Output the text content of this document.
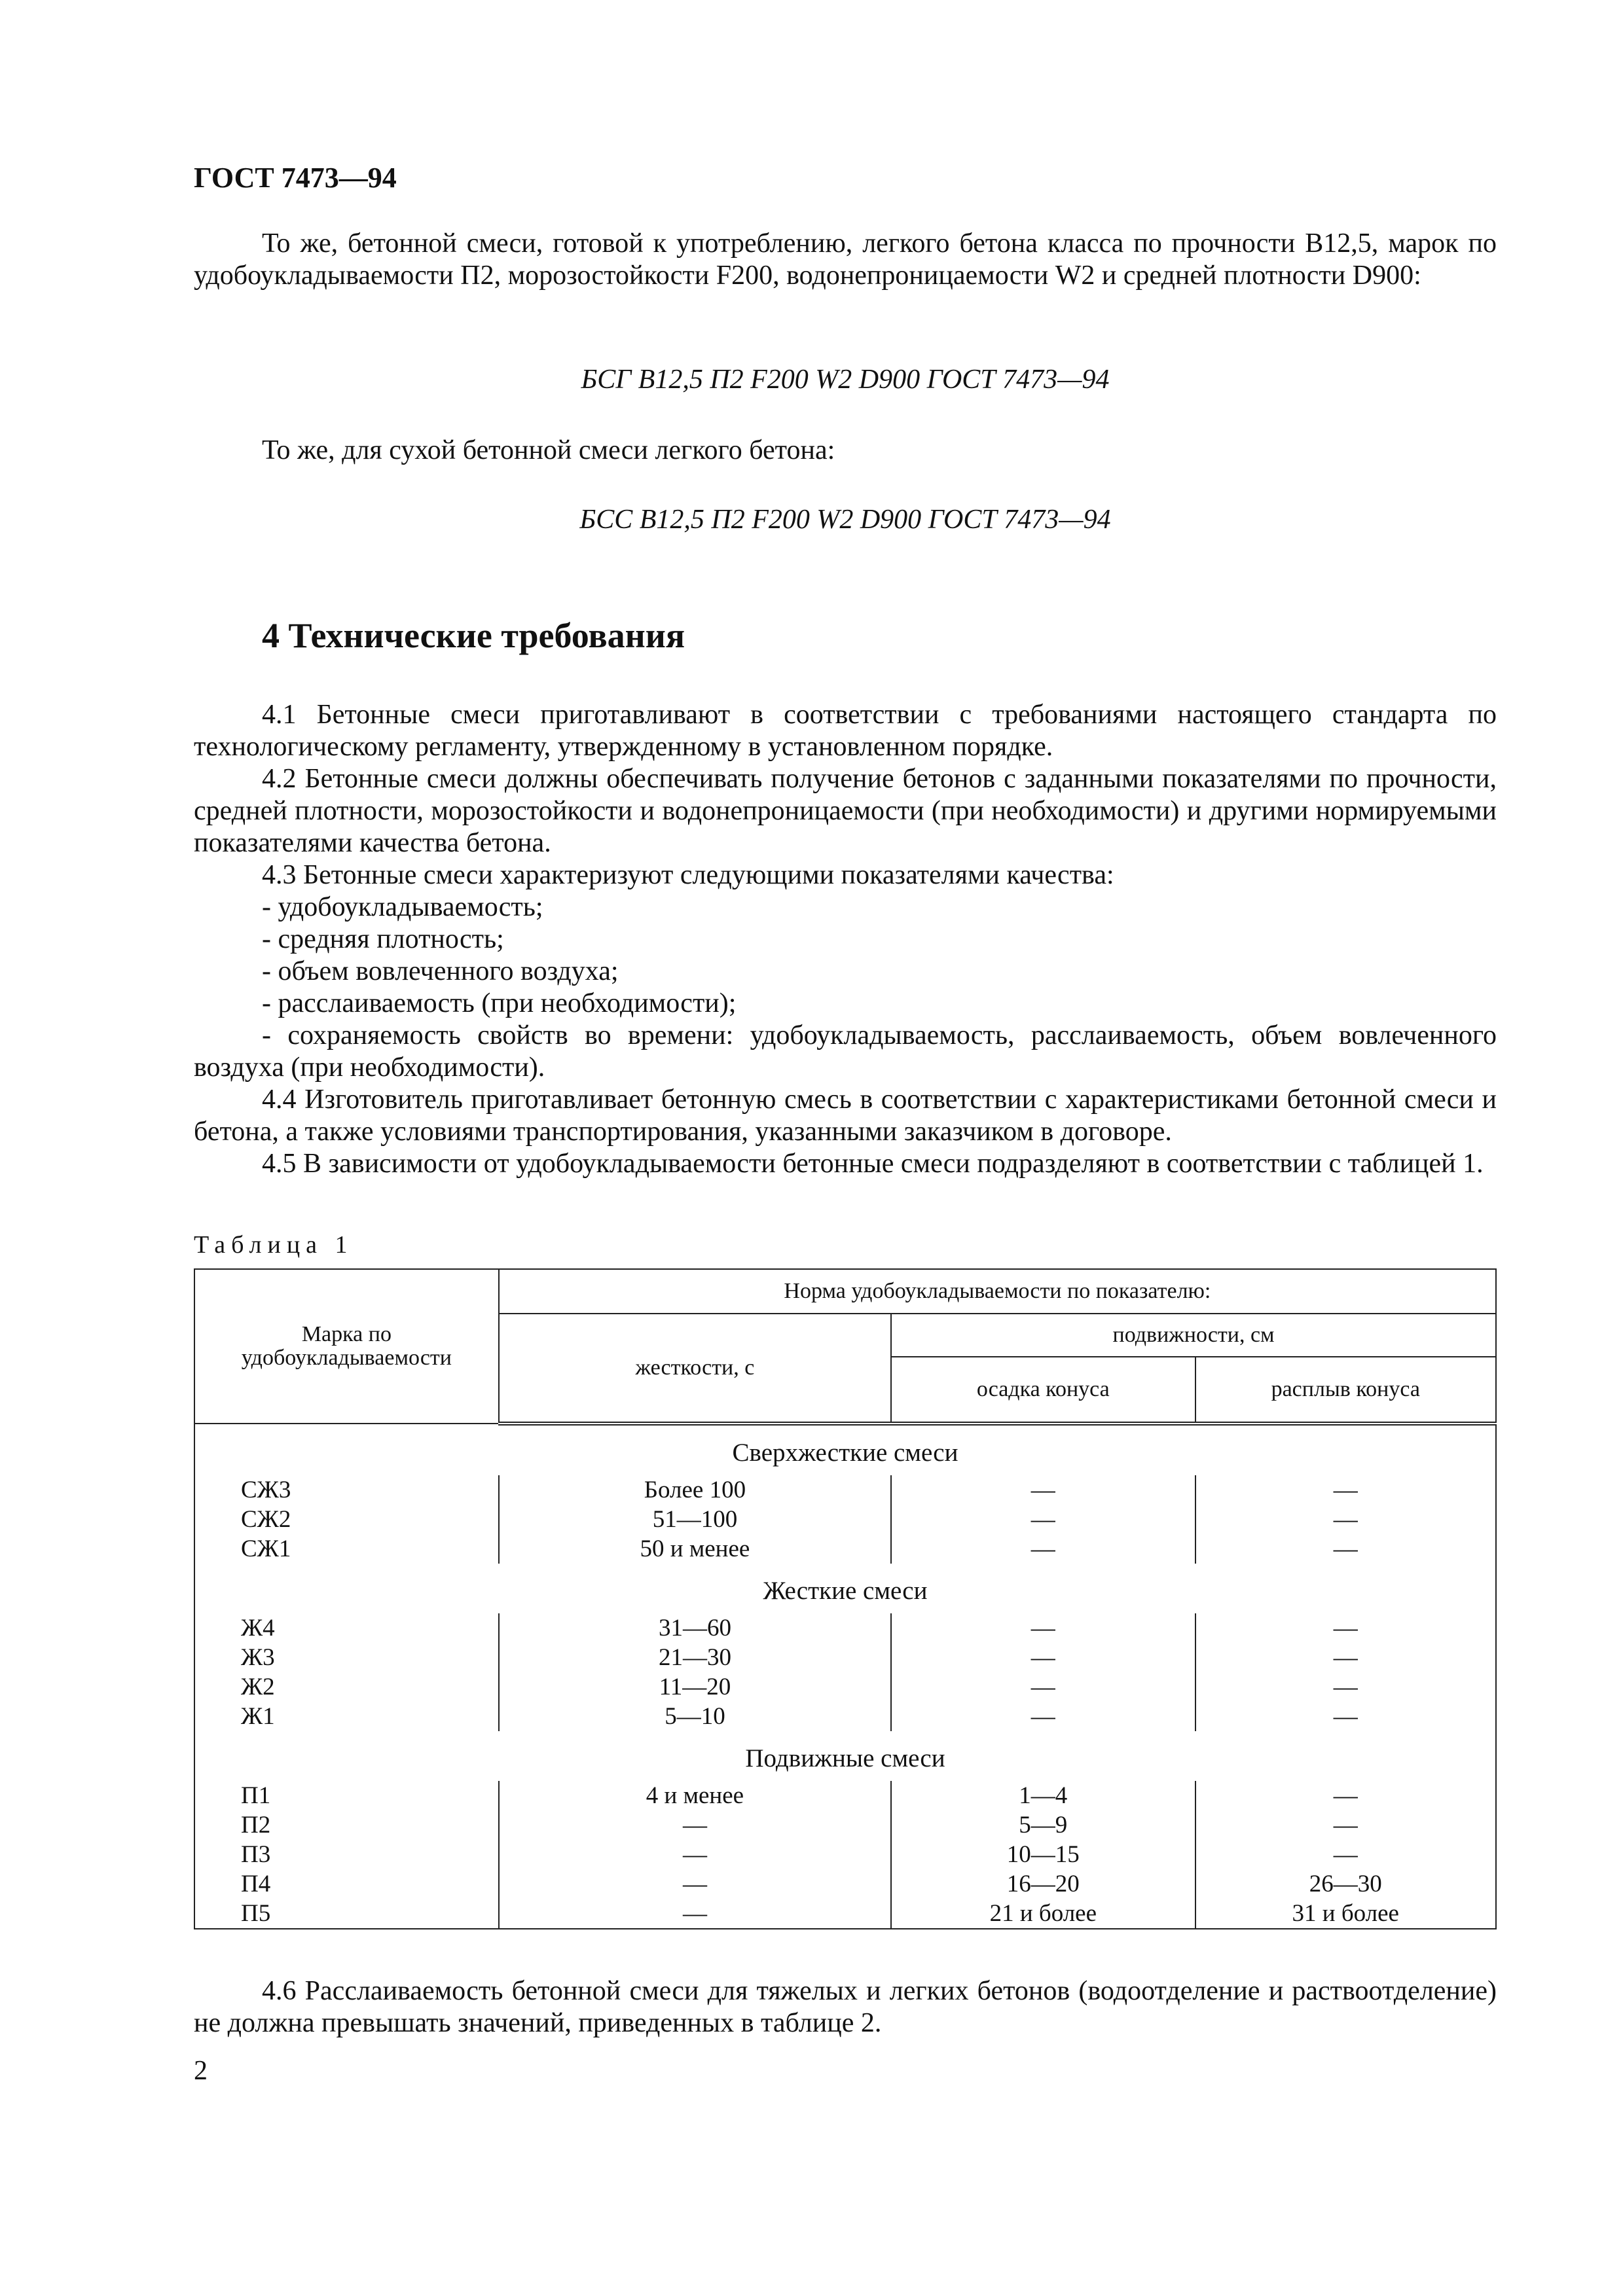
ГОСТ 7473—94
То же, бетонной смеси, готовой к употреблению, легкого бетона класса по прочности В12,5, марок по удобоукладываемости П2, морозостойкости F200, водонепроницаемости W2 и средней плотности D900:
БСГ В12,5 П2 F200 W2 D900 ГОСТ 7473—94
То же, для сухой бетонной смеси легкого бетона:
БСС В12,5 П2 F200 W2 D900 ГОСТ 7473—94
4 Технические требования
4.1 Бетонные смеси приготавливают в соответствии с требованиями настоящего стандарта по технологическому регламенту, утвержденному в установленном порядке.
4.2 Бетонные смеси должны обеспечивать получение бетонов с заданными показателями по прочности, средней плотности, морозостойкости и водонепроницаемости (при необходимости) и другими нормируемыми показателями качества бетона.
4.3 Бетонные смеси характеризуют следующими показателями качества:
- удобоукладываемость;
- средняя плотность;
- объем вовлеченного воздуха;
- расслаиваемость (при необходимости);
- сохраняемость свойств во времени: удобоукладываемость, расслаиваемость, объем вовлеченного воздуха (при необходимости).
4.4 Изготовитель приготавливает бетонную смесь в соответствии с характеристиками бетонной смеси и бетона, а также условиями транспортирования, указанными заказчиком в договоре.
4.5 В зависимости от удобоукладываемости бетонные смеси подразделяют в соответствии с таблицей 1.
Таблица 1
Марка по удобоукладываемости	Норма удобоукладываемости по показателю:		
	жесткости, с	подвижности, см	
		осадка конуса	расплыв конуса
Сверхжесткие смеси			
СЖ3	Более 100	—	—
СЖ2	51—100	—	—
СЖ1	50 и менее	—	—
Жесткие смеси			
Ж4	31—60	—	—
Ж3	21—30	—	—
Ж2	11—20	—	—
Ж1	5—10	—	—
Подвижные смеси			
П1	4 и менее	1—4	—
П2	—	5—9	—
П3	—	10—15	—
П4	—	16—20	26—30
П5	—	21 и более	31 и более
4.6 Расслаиваемость бетонной смеси для тяжелых и легких бетонов (водоотделение и раствоотделение) не должна превышать значений, приведенных в таблице 2.
2
